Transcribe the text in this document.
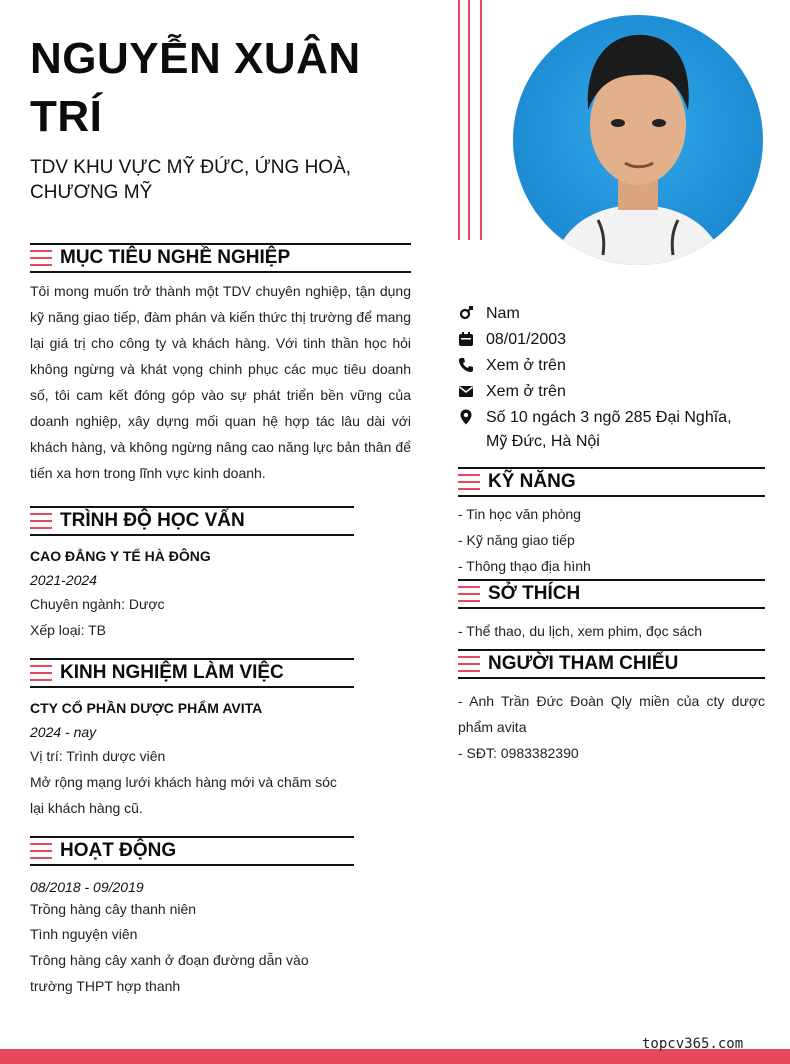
NGUYỄN XUÂN TRÍ
TDV KHU VỰC MỸ ĐỨC, ỨNG HOÀ, CHƯƠNG MỸ
MỤC TIÊU NGHỀ NGHIỆP
Tôi mong muốn trở thành một TDV chuyên nghiệp, tận dụng kỹ năng giao tiếp, đàm phán và kiến thức thị trường để mang lại giá trị cho công ty và khách hàng. Với tinh thần học hỏi không ngừng và khát vọng chinh phục các mục tiêu doanh số, tôi cam kết đóng góp vào sự phát triển bền vững của doanh nghiệp, xây dựng mối quan hệ hợp tác lâu dài với khách hàng, và không ngừng nâng cao năng lực bản thân để tiến xa hơn trong lĩnh vực kinh doanh.
TRÌNH ĐỘ HỌC VẤN
CAO ĐẲNG Y TẾ HÀ ĐÔNG
2021-2024
Chuyên ngành: Dược
Xếp loại: TB
KINH NGHIỆM LÀM VIỆC
CTY CỔ PHẦN DƯỢC PHẨM AVITA
2024 - nay
Vị trí: Trình dược viên
Mở rộng mạng lưới khách hàng mới và chăm sóc lại khách hàng cũ.
HOẠT ĐỘNG
08/2018 - 09/2019
Trồng hàng cây thanh niên
Tình nguyện viên
Trông hàng cây xanh ở đoạn đường dẫn vào trường THPT hợp thanh
Nam
08/01/2003
Xem ở trên
Xem ở trên
Số 10 ngách 3 ngõ 285 Đại Nghĩa, Mỹ Đức, Hà Nội
KỸ NĂNG
- Tin học văn phòng
- Kỹ năng giao tiếp
- Thông thạo địa hình
SỞ THÍCH
- Thể thao, du lịch, xem phim, đọc sách
NGƯỜI THAM CHIẾU
- Anh Trần Đức Đoàn Qly miền của cty dược phẩm avita
- SĐT: 0983382390
topcv365.com
